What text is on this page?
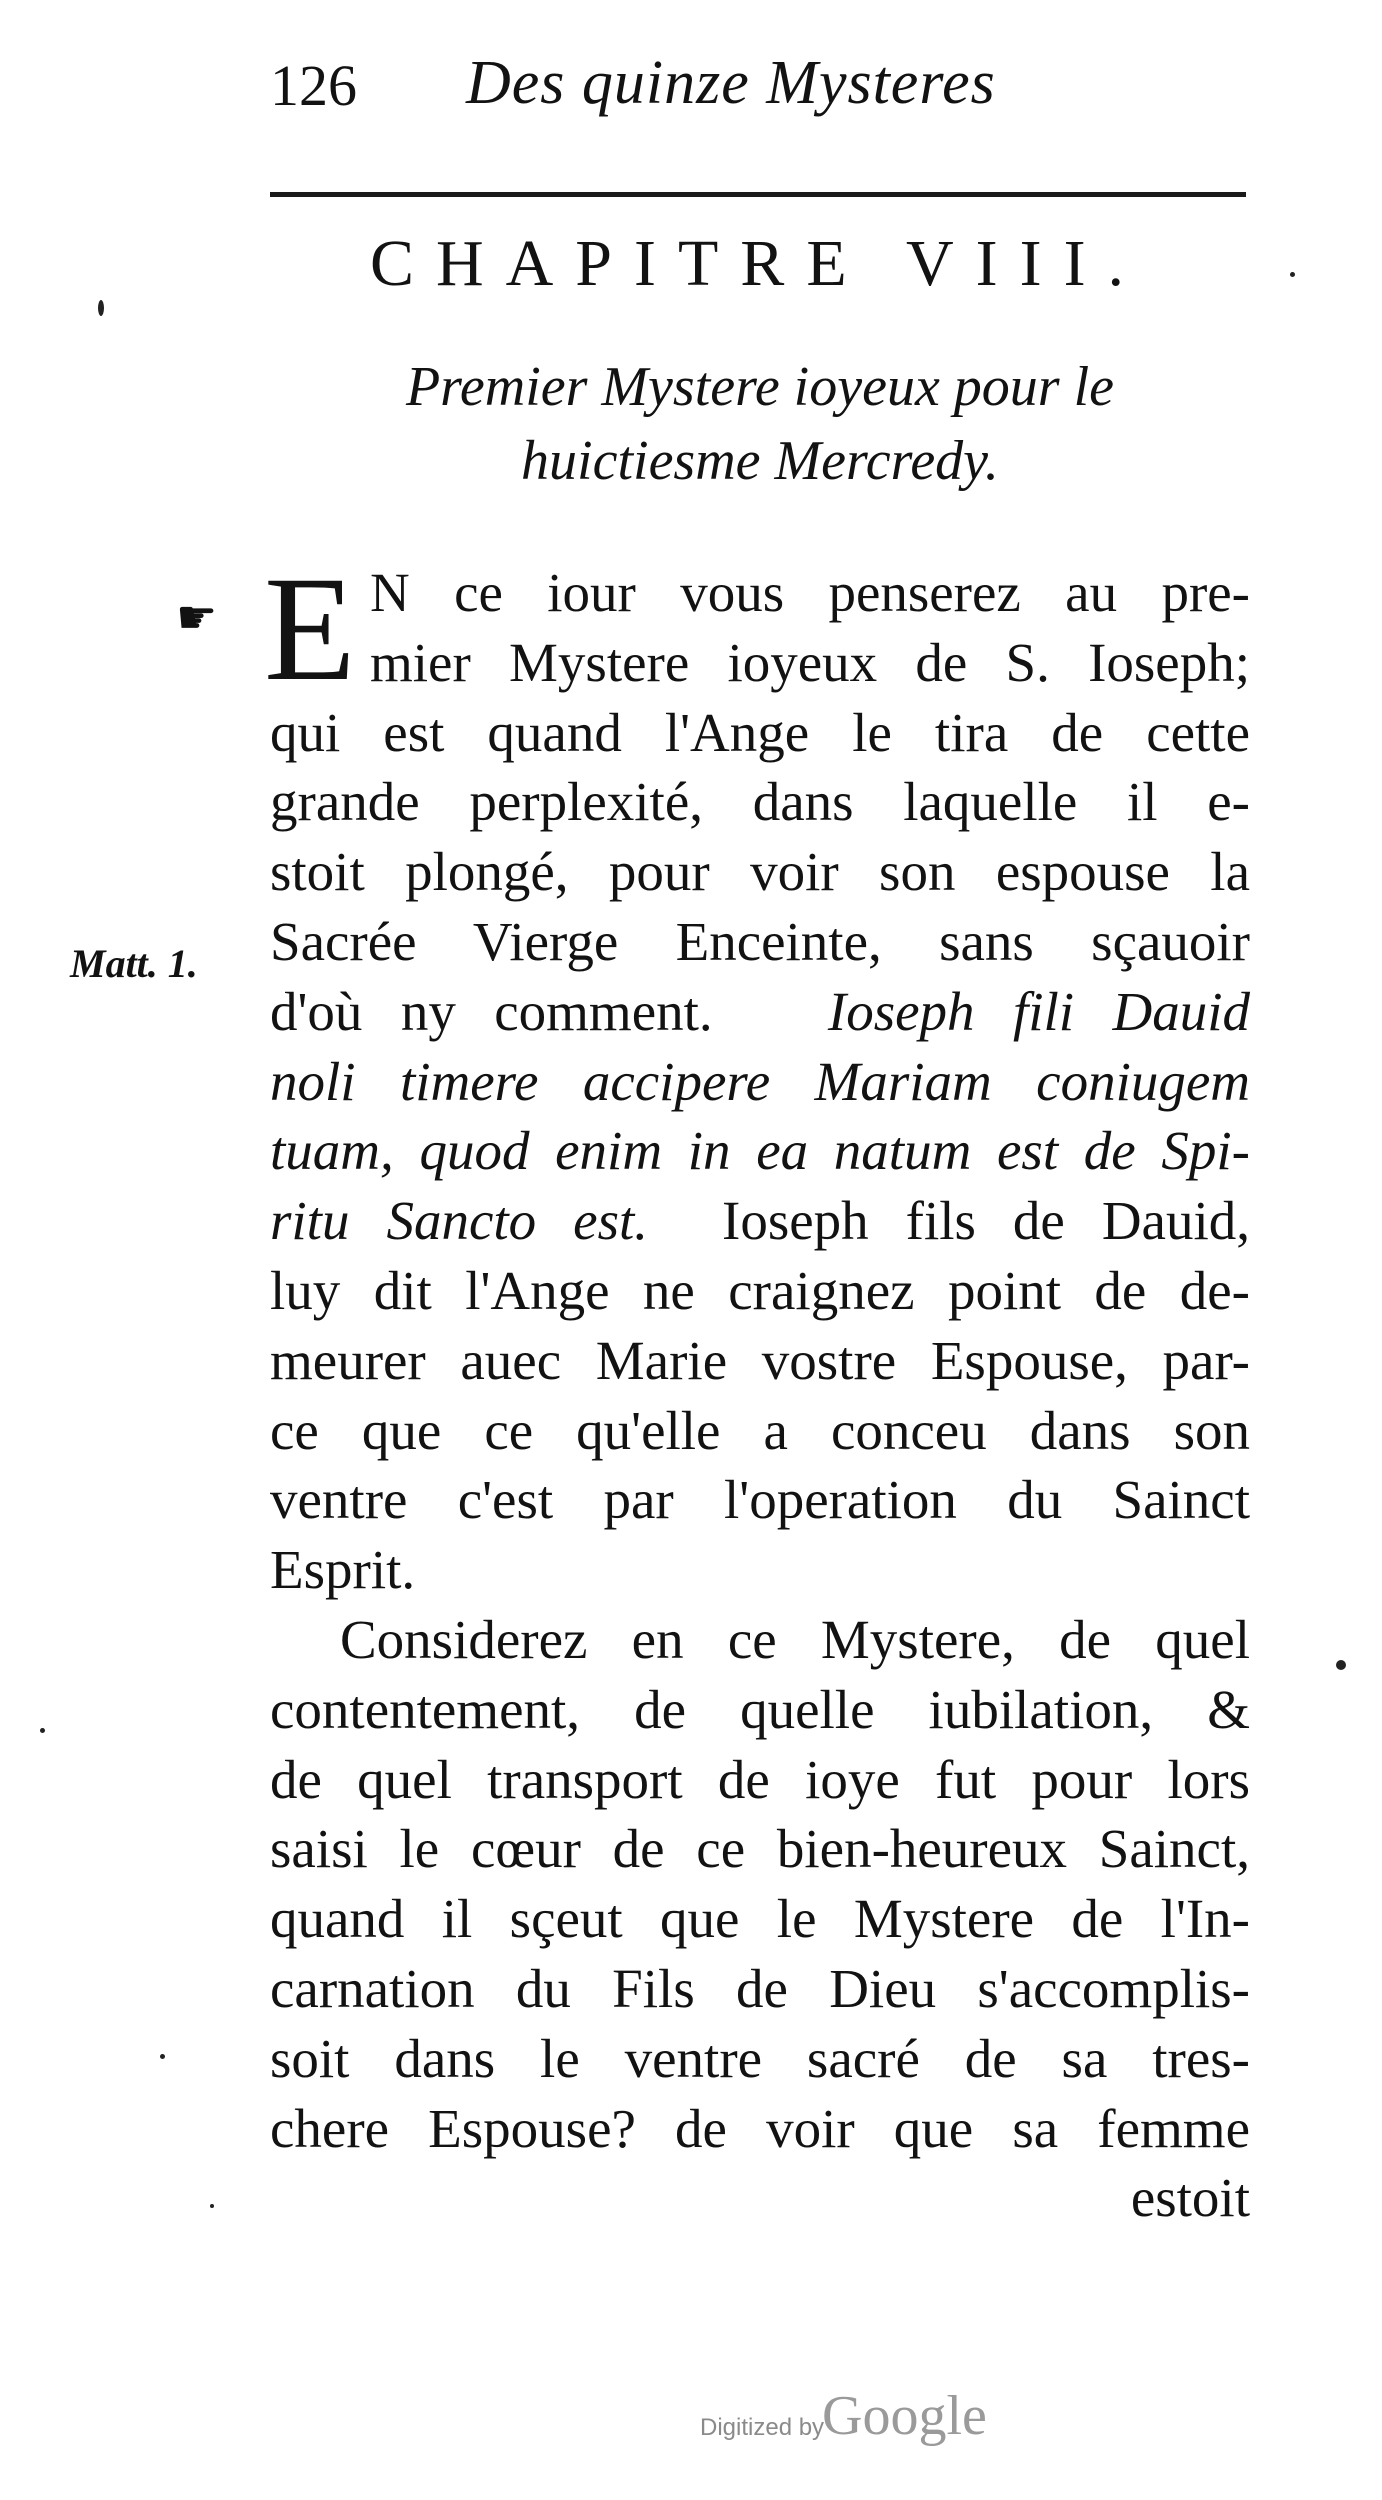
126 Des quinze Mysteres
CHAPITRE VIII.
Premier Mystere ioyeux pour le
huictiesme Mercredy.
☛
Matt. 1.
E N ce iour vous penserez au pre-
mier Mystere ioyeux de S. Ioseph;
qui est quand l'Ange le tira de cette
grande perplexité, dans laquelle il e-
stoit plongé, pour voir son espouse la
Sacrée Vierge Enceinte, sans sçauoir
d'où ny comment. Ioseph fili Dauid
noli timere accipere Mariam coniugem
tuam, quod enim in ea natum est de Spi-
ritu Sancto est. Ioseph fils de Dauid,
luy dit l'Ange ne craignez point de de-
meurer auec Marie vostre Espouse, par-
ce que ce qu'elle a conceu dans son
ventre c'est par l'operation du Sainct
Esprit.
Considerez en ce Mystere, de quel
contentement, de quelle iubilation, &
de quel transport de ioye fut pour lors
saisi le cœur de ce bien-heureux Sainct,
quand il sçeut que le Mystere de l'In-
carnation du Fils de Dieu s'accomplis-
soit dans le ventre sacré de sa tres-
chere Espouse? de voir que sa femme
estoit
Digitized by
Google
